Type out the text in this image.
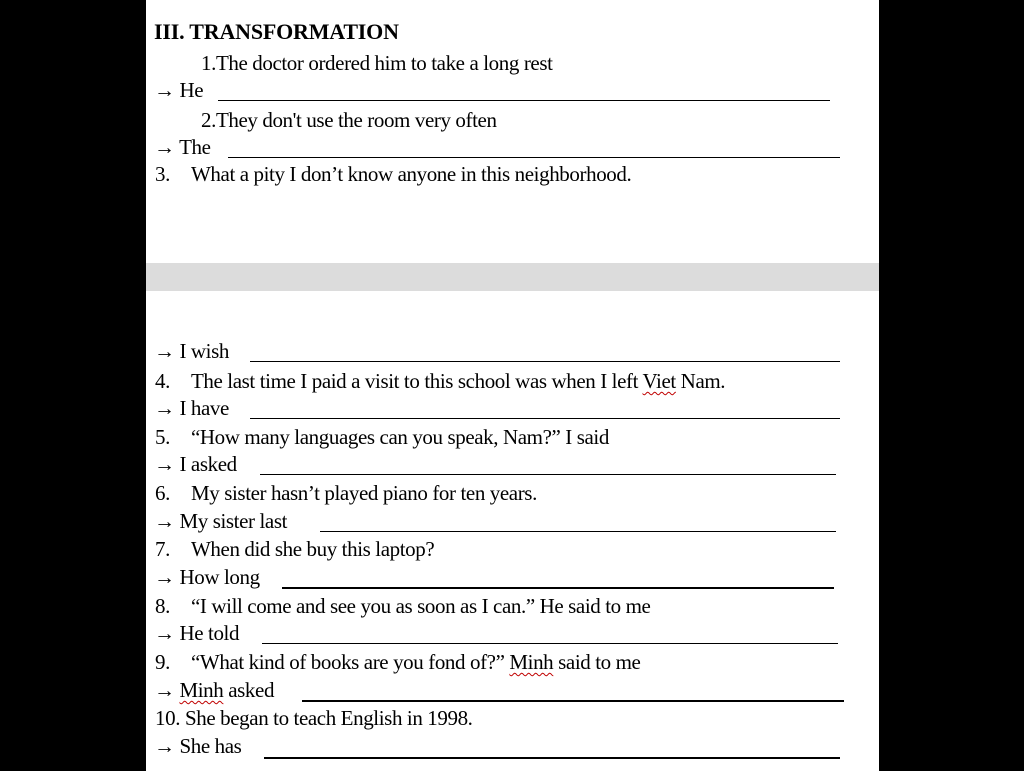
III. TRANSFORMATION
1.The doctor ordered him to take a long rest
→ He
2.They don't use the room very often
→ The
3. What a pity I don’t know anyone in this neighborhood.
→ I wish
4. The last time I paid a visit to this school was when I left Viet Nam.
→ I have
5. “How many languages can you speak, Nam?” I said
→ I asked
6. My sister hasn’t played piano for ten years.
→ My sister last
7. When did she buy this laptop?
→ How long
8. “I will come and see you as soon as I can.” He said to me
→ He told
9. “What kind of books are you fond of?” Minh said to me
→ Minh asked
10. She began to teach English in 1998.
→ She has
